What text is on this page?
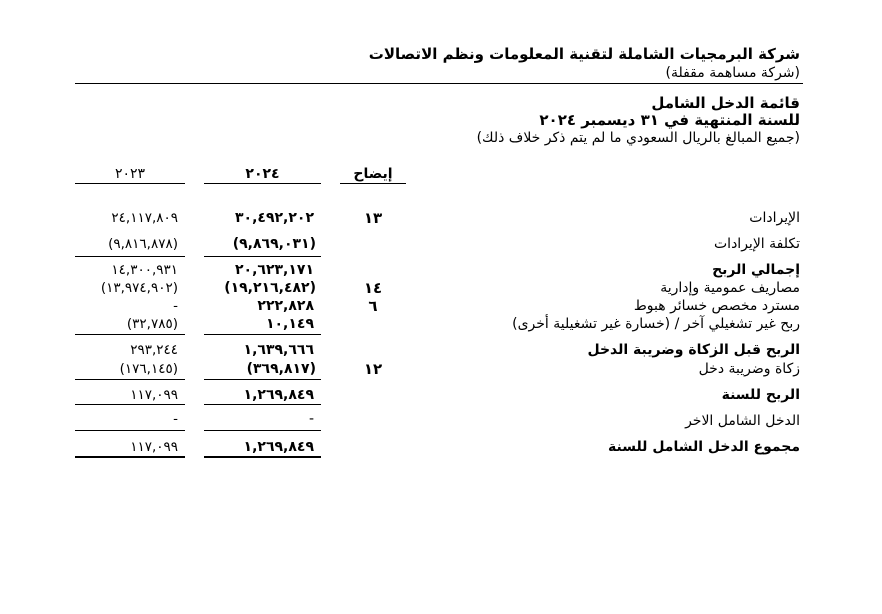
شركة البرمجيات الشاملة لتقنية المعلومات ونظم الاتصالات
(شركة مساهمة مقفلة)
قائمة الدخل الشامل
للسنة المنتهية في ٣١ ديسمبر ٢٠٢٤
(جميع المبالغ بالريال السعودي ما لم يتم ذكر خلاف ذلك)
إيضاح
٢٠٢٤
٢٠٢٣
الإيرادات
١٣
٣٠,٤٩٢,٢٠٢
٢٤,١١٧,٨٠٩
تكلفة الإيرادات
(٩,٨٦٩,٠٣١)
(٩,٨١٦,٨٧٨)
إجمالي الربح
٢٠,٦٢٣,١٧١
١٤,٣٠٠,٩٣١
مصاريف عمومية وإدارية
١٤
(١٩,٢١٦,٤٨٢)
(١٣,٩٧٤,٩٠٢)
مسترد مخصص خسائر هبوط
٦
٢٢٢,٨٢٨
-
ربح غير تشغيلي آخر / (خسارة غير تشغيلية أخرى)
١٠,١٤٩
(٣٢,٧٨٥)
الربح قبل الزكاة وضريبة الدخل
١,٦٣٩,٦٦٦
٢٩٣,٢٤٤
زكاة وضريبة دخل
١٢
(٣٦٩,٨١٧)
(١٧٦,١٤٥)
الربح للسنة
١,٢٦٩,٨٤٩
١١٧,٠٩٩
الدخل الشامل الاخر
-
-
مجموع الدخل الشامل للسنة
١,٢٦٩,٨٤٩
١١٧,٠٩٩
